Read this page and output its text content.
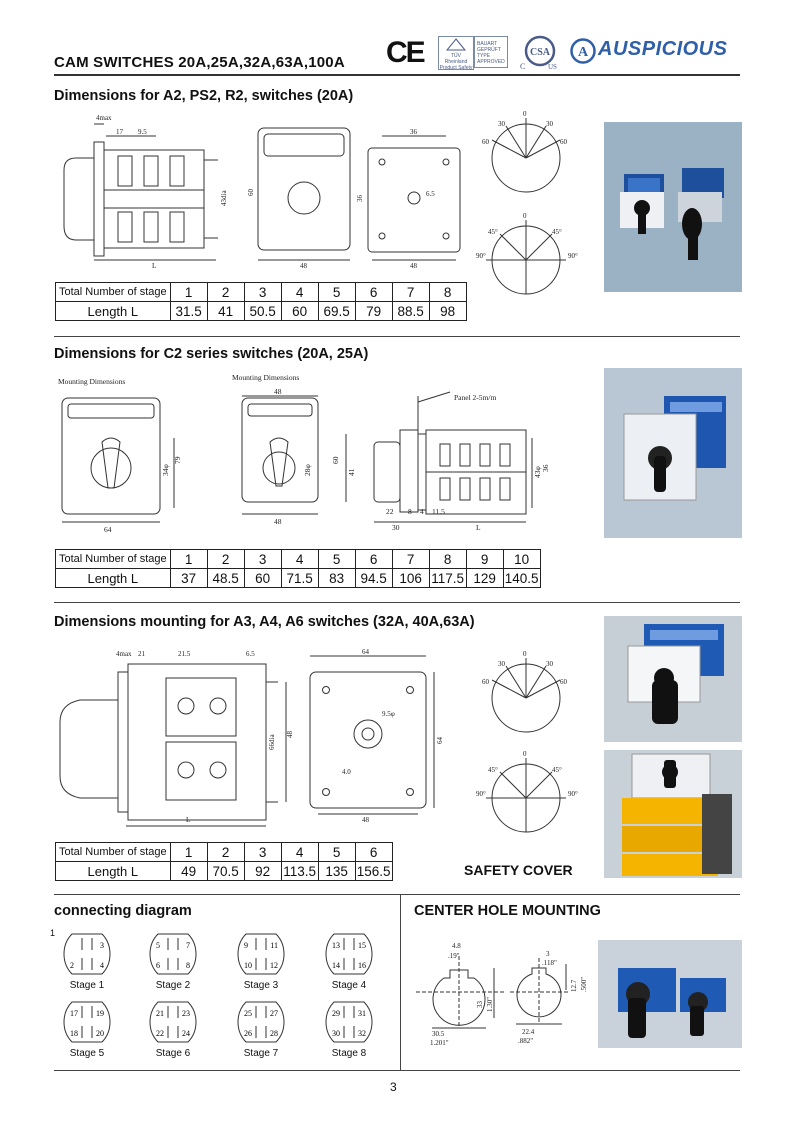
CAM SWITCHES 20A,25A,32A,63A,100A CE	TÜV
Rheinland
Product Safety
BAUART
GEPRÜFT
TYPE
APPROVED
CSA
C	US
A AUSPICIOUS
Dimensions for A2, PS2, R2, switches (20A)
4max
17 9.5
43dia
L
60
48
36
6.5
36
48
0
30	30
60	60
0
45°	45°
90°	90°
Total Number of stage	1	2	3	4	5	6	7	8
Length L	31.5	41	50.5	60	69.5	79	88.5	98
Dimensions for C2 series switches (20A, 25A)
Mounting Dimensions	Mounting Dimensions
Panel 2-5m/m
34φ
79
64
48
28φ
60
41
48
22 8 4 11.5
30	L
43φ 36
Total Number of stage	1	2	3	4	5	6	7	8	9	10
Length L	37	48.5	60	71.5	83	94.5	106	117.5	129	140.5
Dimensions mounting for A3, A4, A6 switches (32A, 40A,63A)
4max 21	21.5	6.5
66dia 48
L
64
9.5φ
4.0
64
48
0
30	30
60	60
0
45°	45°
90°	90°
Total Number of stage	1	2	3	4	5	6
Length L	49	70.5	92	113.5	135	156.5	SAFETY COVER
connecting diagram
1
3
2	4
Stage 1
5	7
6	8
Stage 2
9	11
10 12
Stage 3
13 15
14 16
Stage 4
17 19
18 20
Stage 5
21 23
22 24
Stage 6
25 27
26 28
Stage 7
29 31
30 32
Stage 8
CENTER HOLE MOUNTING
4.8
.19"
33 1.30"
30.5
1.201"
3
.118"
12.7 .500"
22.4
.882"
3
